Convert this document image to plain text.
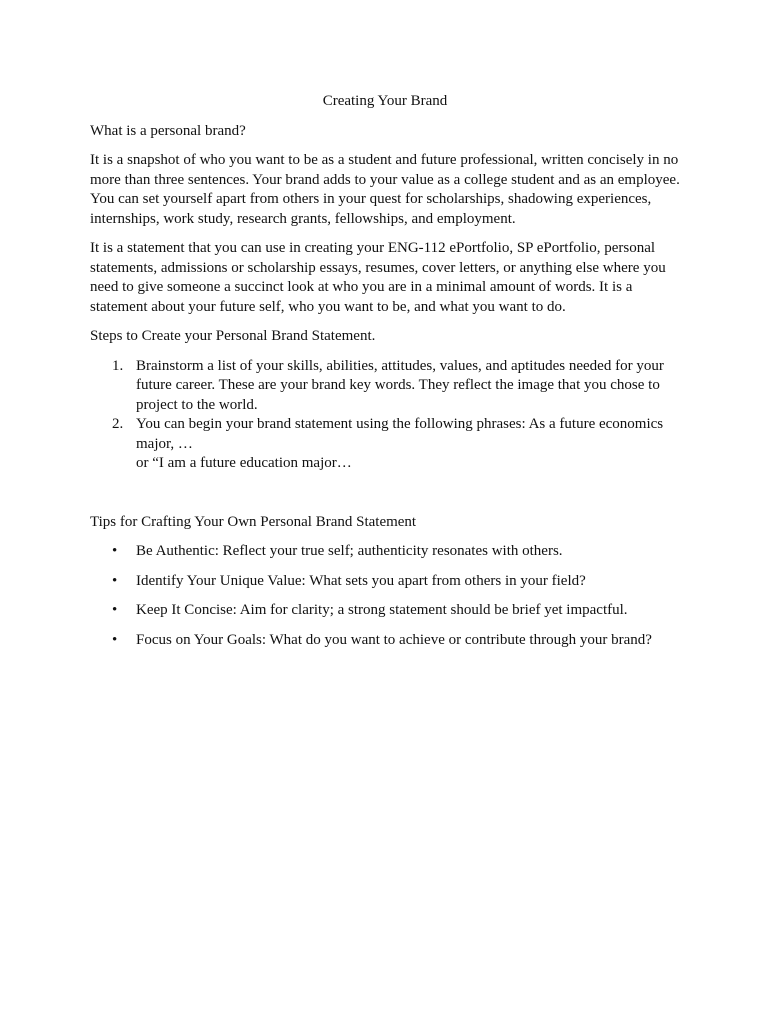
Creating Your Brand

What is a personal brand?

It is a snapshot of who you want to be as a student and future professional, written concisely in no more than three sentences. Your brand adds to your value as a college student and as an employee. You can set yourself apart from others in your quest for scholarships, shadowing experiences, internships, work study, research grants, fellowships, and employment.

It is a statement that you can use in creating your ENG-112 ePortfolio, SP ePortfolio, personal statements, admissions or scholarship essays, resumes, cover letters, or anything else where you need to give someone a succinct look at who you are in a minimal amount of words. It is a statement about your future self, who you want to be, and what you want to do.

Steps to Create your Personal Brand Statement.

1. Brainstorm a list of your skills, abilities, attitudes, values, and aptitudes needed for your future career. These are your brand key words. They reflect the image that you chose to project to the world.
2. You can begin your brand statement using the following phrases: As a future economics major, …
or “I am a future education major…

Tips for Crafting Your Own Personal Brand Statement

• Be Authentic: Reflect your true self; authenticity resonates with others.
• Identify Your Unique Value: What sets you apart from others in your field?
• Keep It Concise: Aim for clarity; a strong statement should be brief yet impactful.
• Focus on Your Goals: What do you want to achieve or contribute through your brand?
